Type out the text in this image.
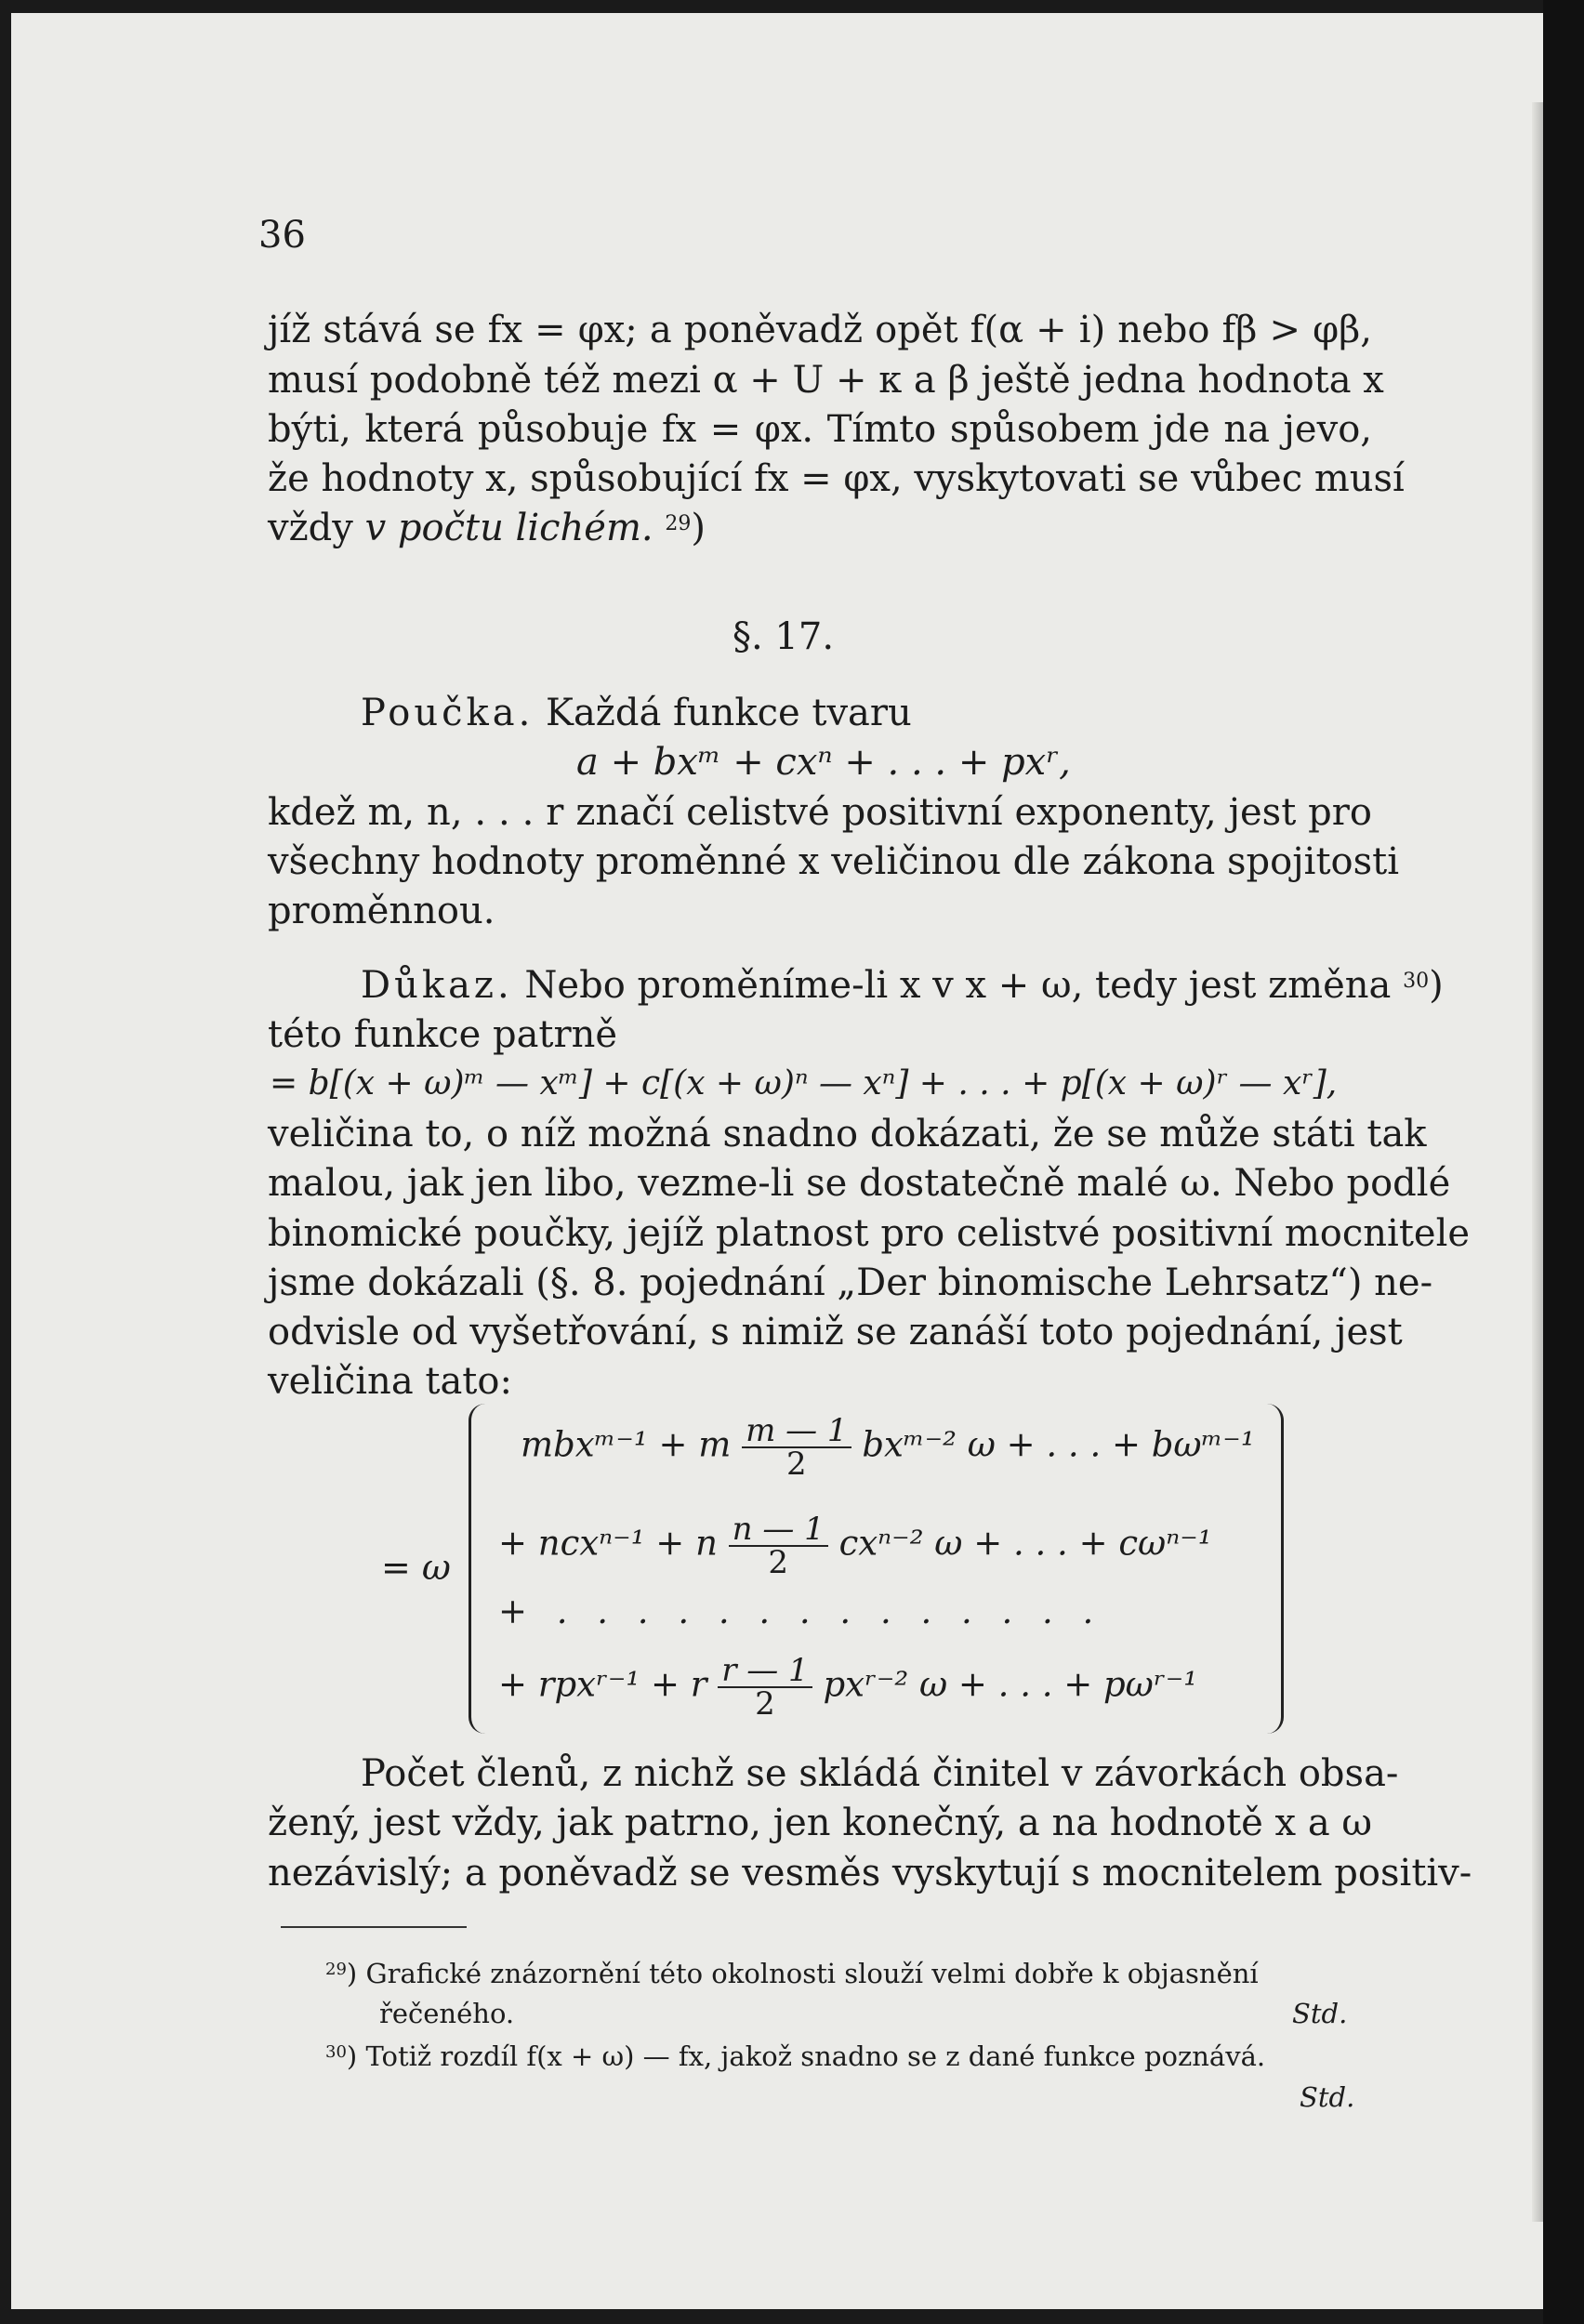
36
jíž stává se fx = φx; a poněvadž opět f(α + i) nebo fβ > φβ,
musí podobně též mezi α + U + κ a β ještě jedna hodnota x
býti, která působuje fx = φx. Tímto spůsobem jde na jevo,
že hodnoty x, spůsobující fx = φx, vyskytovati se vůbec musí
vždy v počtu lichém. $^{29}$)
§. 17.
Poučka. Každá funkce tvaru
a + bxᵐ + cxⁿ + . . . + pxʳ,
kdež m, n, . . . r značí celistvé positivní exponenty, jest pro
všechny hodnoty proměnné x veličinou dle zákona spojitosti
proměnnou.
Důkaz. Nebo proměníme-li x v x + ω, tedy jest změna $^{30}$)
této funkce patrně
= b[(x + ω)ᵐ — xᵐ] + c[(x + ω)ⁿ — xⁿ] + . . . + p[(x + ω)ʳ — xʳ],
veličina to, o níž možná snadno dokázati, že se může státi tak
malou, jak jen libo, vezme-li se dostatečně malé ω. Nebo podlé
binomické poučky, jejíž platnost pro celistvé positivní mocnitele
jsme dokázali (§. 8. pojednání „Der binomische Lehrsatz“) ne-
odvisle od vyšetřování, s nimiž se zanáší toto pojednání, jest
veličina tato:
= ω
mbxᵐ⁻¹ + m $\frac{m — 1}{2}$ bxᵐ⁻² ω + . . . + bωᵐ⁻¹
+ ncxⁿ⁻¹ + n $\frac{n — 1}{2} cx^{n-2}$ ω + . . . + cωⁿ⁻¹
+ . . . . . . . . . . . . . .
+ rpxʳ⁻¹ + r $\frac{r — 1}{2}$ pxʳ⁻² ω + . . . + pωʳ⁻¹
Počet členů, z nichž se skládá činitel v závorkách obsa-
žený, jest vždy, jak patrno, jen konečný, a na hodnotě x a ω
nezávislý; a poněvadž se vesměs vyskytují s mocnitelem positiv-
$^{29}$) Grafické znázornění této okolnosti slouží velmi dobře k objasnění
řečeného.	Std.
$^{30}$) Totiž rozdíl f(x + ω) — fx, jakož snadno se z dané funkce poznává.
Std.
